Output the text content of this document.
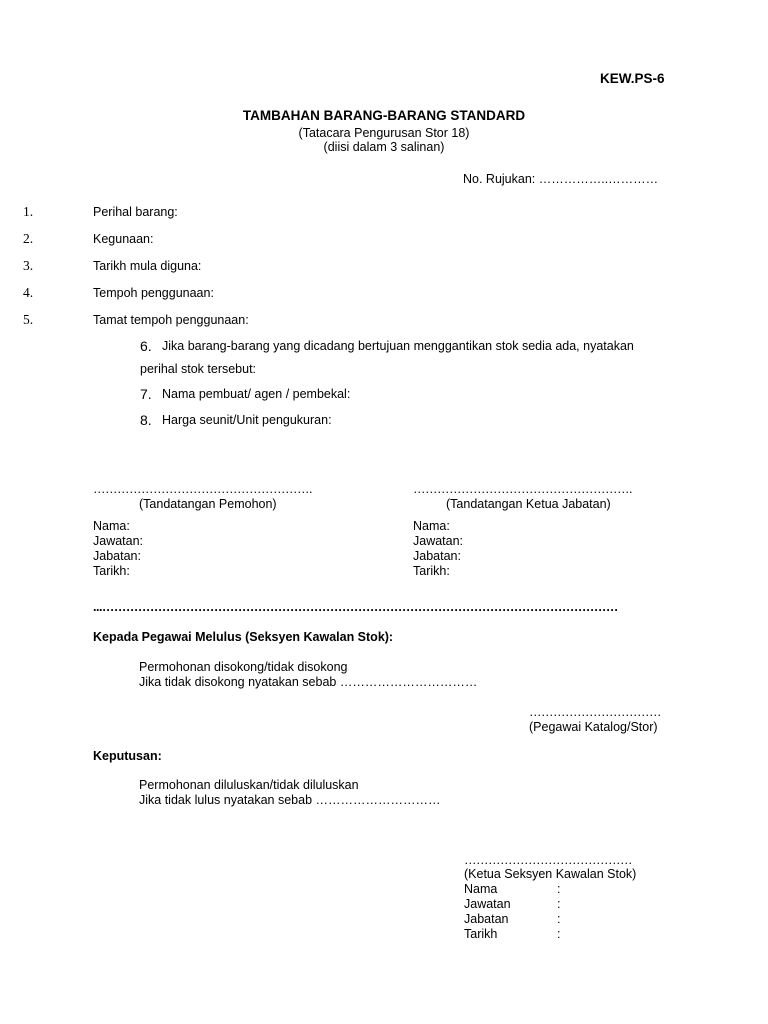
KEW.PS-6
TAMBAHAN BARANG-BARANG STANDARD
(Tatacara Pengurusan Stor 18)
(diisi dalam 3 salinan)
No. Rujukan: ……………..…………
1.	Perihal barang:
2.	Kegunaan:
3.	Tarikh mula diguna:
4.	Tempoh penggunaan:
5.	Tamat tempoh penggunaan:
6. Jika barang-barang yang dicadang bertujuan menggantikan stok sedia ada, nyatakan
perihal stok tersebut:
7. Nama pembuat/ agen / pembekal:
8. Harga seunit/Unit pengukuran:
……………………………………………….
(Tandatangan Pemohon)
Nama:
Jawatan:
Jabatan:
Tarikh:
……………………………………………….
(Tandatangan Ketua Jabatan)
Nama:
Jawatan:
Jabatan:
Tarikh:
...…………………………………………………………………………………………………………………
Kepada Pegawai Melulus (Seksyen Kawalan Stok):
Permohonan disokong/tidak disokong
Jika tidak disokong nyatakan sebab ……………………………
……………………………
(Pegawai Katalog/Stor)
Keputusan:
Permohonan diluluskan/tidak diluluskan
Jika tidak lulus nyatakan sebab …………………………
……………………………………
(Ketua Seksyen Kawalan Stok)
Nama	:
Jawatan	:
Jabatan	:
Tarikh	:
